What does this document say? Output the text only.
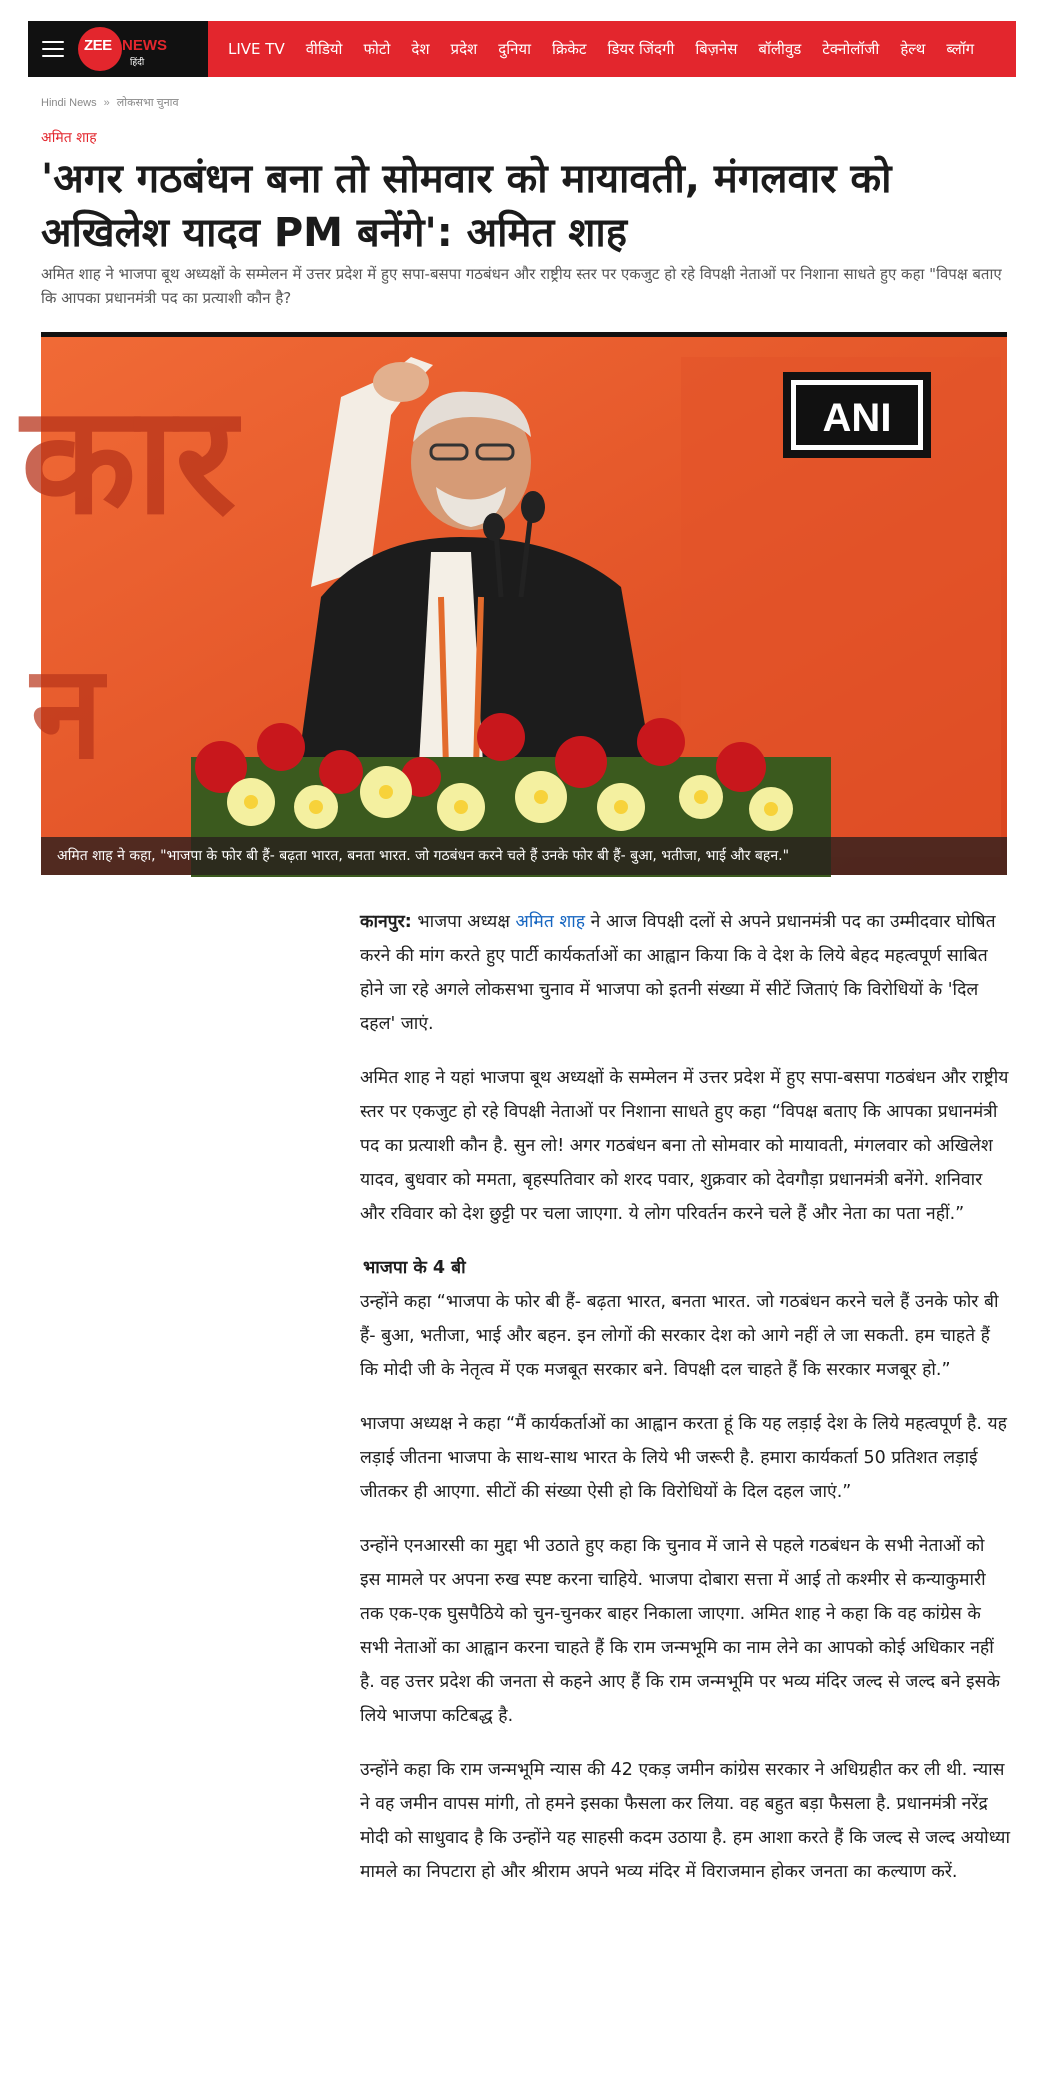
ZEE NEWS
हिंदी
LIVE TV वीडियो फोटो देश प्रदेश दुनिया क्रिकेट डियर जिंदगी बिज़नेस बॉलीवुड टेक्नोलॉजी हेल्थ ब्लॉग
Hindi News » लोकसभा चुनाव
अमित शाह
'अगर गठबंधन बना तो सोमवार को मायावती, मंगलवार को अखिलेश यादव PM बनेंगे': अमित शाह

अमित शाह ने भाजपा बूथ अध्यक्षों के सम्मेलन में उत्तर प्रदेश में हुए सपा-बसपा गठबंधन और राष्ट्रीय स्तर पर एकजुट हो रहे विपक्षी नेताओं पर निशाना साधते हुए कहा "विपक्ष बताए कि आपका प्रधानमंत्री पद का प्रत्याशी कौन है?

कार
न
ANI
अमित शाह ने कहा, "भाजपा के फोर बी हैं- बढ़ता भारत, बनता भारत. जो गठबंधन करने चले हैं उनके फोर बी हैं- बुआ, भतीजा, भाई और बहन."

कानपुर: भाजपा अध्यक्ष अमित शाह ने आज विपक्षी दलों से अपने प्रधानमंत्री पद का उम्मीदवार घोषित करने की मांग करते हुए पार्टी कार्यकर्ताओं का आह्वान किया कि वे देश के लिये बेहद महत्वपूर्ण साबित होने जा रहे अगले लोकसभा चुनाव में भाजपा को इतनी संख्या में सीटें जिताएं कि विरोधियों के 'दिल दहल' जाएं.

अमित शाह ने यहां भाजपा बूथ अध्यक्षों के सम्मेलन में उत्तर प्रदेश में हुए सपा-बसपा गठबंधन और राष्ट्रीय स्तर पर एकजुट हो रहे विपक्षी नेताओं पर निशाना साधते हुए कहा “विपक्ष बताए कि आपका प्रधानमंत्री पद का प्रत्याशी कौन है. सुन लो! अगर गठबंधन बना तो सोमवार को मायावती, मंगलवार को अखिलेश यादव, बुधवार को ममता, बृहस्पतिवार को शरद पवार, शुक्रवार को देवगौड़ा प्रधानमंत्री बनेंगे. शनिवार और रविवार को देश छुट्टी पर चला जाएगा. ये लोग परिवर्तन करने चले हैं और नेता का पता नहीं.”

भाजपा के 4 बी

उन्होंने कहा “भाजपा के फोर बी हैं- बढ़ता भारत, बनता भारत. जो गठबंधन करने चले हैं उनके फोर बी हैं- बुआ, भतीजा, भाई और बहन. इन लोगों की सरकार देश को आगे नहीं ले जा सकती. हम चाहते हैं कि मोदी जी के नेतृत्व में एक मजबूत सरकार बने. विपक्षी दल चाहते हैं कि सरकार मजबूर हो.”

भाजपा अध्यक्ष ने कहा “मैं कार्यकर्ताओं का आह्वान करता हूं कि यह लड़ाई देश के लिये महत्वपूर्ण है. यह लड़ाई जीतना भाजपा के साथ-साथ भारत के लिये भी जरूरी है. हमारा कार्यकर्ता 50 प्रतिशत लड़ाई जीतकर ही आएगा. सीटों की संख्या ऐसी हो कि विरोधियों के दिल दहल जाएं.”

उन्होंने एनआरसी का मुद्दा भी उठाते हुए कहा कि चुनाव में जाने से पहले गठबंधन के सभी नेताओं को इस मामले पर अपना रुख स्पष्ट करना चाहिये. भाजपा दोबारा सत्ता में आई तो कश्मीर से कन्याकुमारी तक एक-एक घुसपैठिये को चुन-चुनकर बाहर निकाला जाएगा. अमित शाह ने कहा कि वह कांग्रेस के सभी नेताओं का आह्वान करना चाहते हैं कि राम जन्मभूमि का नाम लेने का आपको कोई अधिकार नहीं है. वह उत्तर प्रदेश की जनता से कहने आए हैं कि राम जन्मभूमि पर भव्य मंदिर जल्द से जल्द बने इसके लिये भाजपा कटिबद्ध है.

उन्होंने कहा कि राम जन्मभूमि न्यास की 42 एकड़ जमीन कांग्रेस सरकार ने अधिग्रहीत कर ली थी. न्यास ने वह जमीन वापस मांगी, तो हमने इसका फैसला कर लिया. वह बहुत बड़ा फैसला है. प्रधानमंत्री नरेंद्र मोदी को साधुवाद है कि उन्होंने यह साहसी कदम उठाया है. हम आशा करते हैं कि जल्द से जल्द अयोध्या मामले का निपटारा हो और श्रीराम अपने भव्य मंदिर में विराजमान होकर जनता का कल्याण करें.
